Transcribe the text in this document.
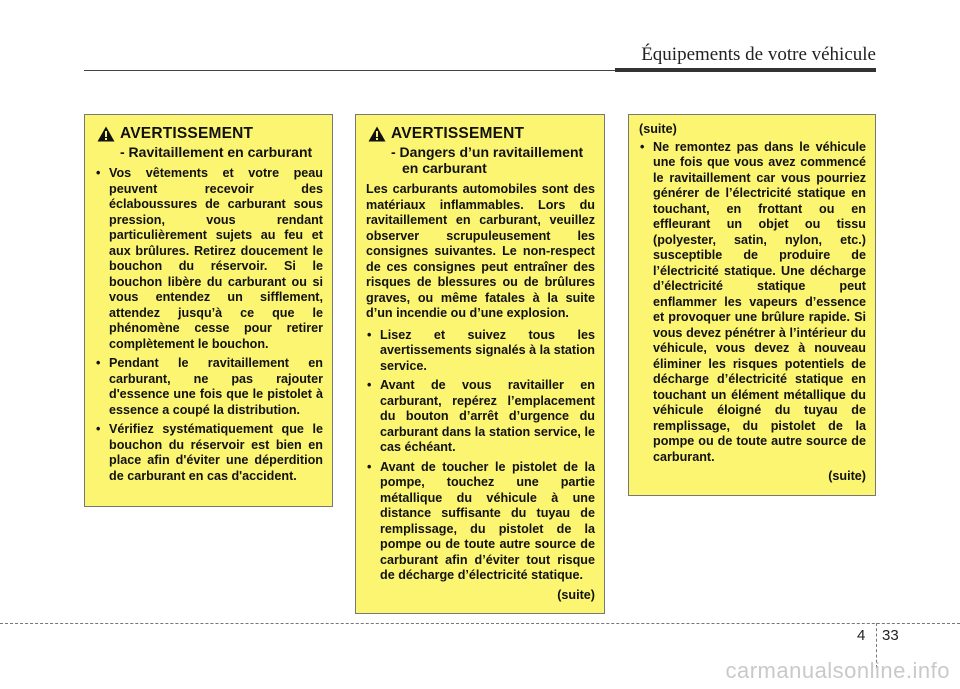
Équipements de votre véhicule
AVERTISSEMENT
- Ravitaillement en carburant
• Vos vêtements et votre peau peuvent recevoir des éclaboussures de carburant sous pression, vous rendant particulièrement sujets au feu et aux brûlures. Retirez doucement le bouchon du réservoir. Si le bouchon libère du carburant ou si vous entendez un sifflement, attendez jusqu’à ce que le phénomène cesse pour retirer complètement le bouchon.
• Pendant le ravitaillement en carburant, ne pas rajouter d'essence une fois que le pistolet à essence a coupé la distribution.
• Vérifiez systématiquement que le bouchon du réservoir est bien en place afin d'éviter une déperdition de carburant en cas d'accident.
AVERTISSEMENT
- Dangers d’un ravitaillement en carburant

Les carburants automobiles sont des matériaux inflammables. Lors du ravitaillement en carburant, veuillez observer scrupuleusement les consignes suivantes. Le non-respect de ces consignes peut entraîner des risques de blessures ou de brûlures graves, ou même fatales à la suite d’un incendie ou d’une explosion.

• Lisez et suivez tous les avertissements signalés à la station service.
• Avant de vous ravitailler en carburant, repérez l’emplacement du bouton d’arrêt d’urgence du carburant dans la station service, le cas échéant.
• Avant de toucher le pistolet de la pompe, touchez une partie métallique du véhicule à une distance suffisante du tuyau de remplissage, du pistolet de la pompe ou de toute autre source de carburant afin d’éviter tout risque de décharge d’électricité statique.
(suite)
(suite)
• Ne remontez pas dans le véhicule une fois que vous avez commencé le ravitaillement car vous pourriez générer de l’électricité statique en touchant, en frottant ou en effleurant un objet ou tissu (polyester, satin, nylon, etc.) susceptible de produire de l’électricité statique. Une décharge d’électricité statique peut enflammer les vapeurs d’essence et provoquer une brûlure rapide. Si vous devez pénétrer à l’intérieur du véhicule, vous devez à nouveau éliminer les risques potentiels de décharge d’électricité statique en touchant un élément métallique du véhicule éloigné du tuyau de remplissage, du pistolet de la pompe ou de toute autre source de carburant.
(suite)
4 33
carmanualsonline.info
